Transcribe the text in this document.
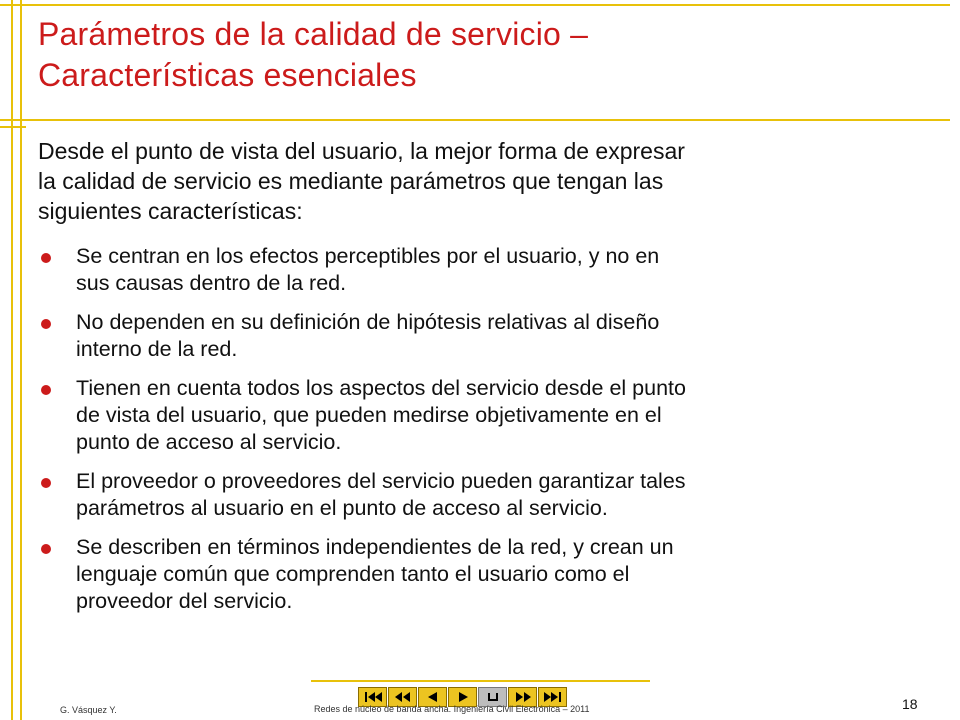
Parámetros de la calidad de servicio –
Características esenciales
Desde el punto de vista del usuario, la mejor forma de expresar
la calidad de servicio es mediante parámetros que tengan las
siguientes características:
Se centran en los efectos perceptibles por el usuario, y no en
sus causas dentro de la red.
No dependen en su definición de hipótesis relativas al diseño
interno de la red.
Tienen en cuenta todos los aspectos del servicio desde el punto
de vista del usuario, que pueden medirse objetivamente en el
punto de acceso al servicio.
El proveedor o proveedores del servicio pueden garantizar tales
parámetros al usuario en el punto de acceso al servicio.
Se describen en términos independientes de la red, y crean un
lenguaje común que comprenden tanto el usuario como el
proveedor del servicio.
G. Vásquez Y.	Redes de núcleo de banda ancha. Ingeniería Civil Electrónica – 2011	18
